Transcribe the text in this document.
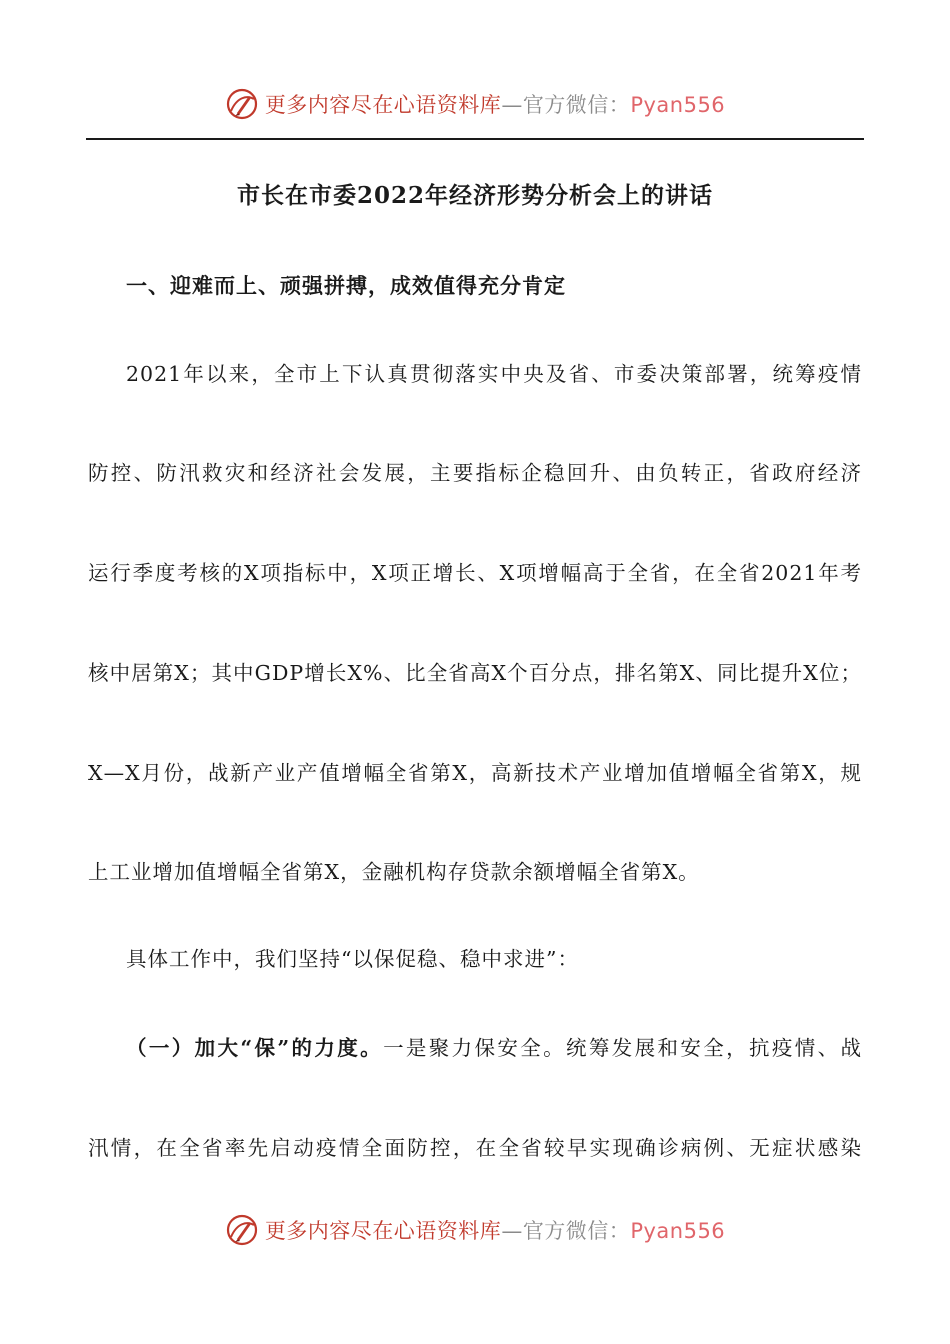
更多内容尽在心语资料库—官方微信：Pyan556
市长在市委2022年经济形势分析会上的讲话
一、迎难而上、顽强拼搏，成效值得充分肯定
2021年以来，全市上下认真贯彻落实中央及省、市委决策部署，统筹疫情
防控、防汛救灾和经济社会发展，主要指标企稳回升、由负转正，省政府经济
运行季度考核的X项指标中，X项正增长、X项增幅高于全省，在全省2021年考
核中居第X；其中GDP增长X%、比全省高X个百分点，排名第X、同比提升X位；
X—X月份，战新产业产值增幅全省第X，高新技术产业增加值增幅全省第X，规
上工业增加值增幅全省第X，金融机构存贷款余额增幅全省第X。
具体工作中，我们坚持“以保促稳、稳中求进”：
（一）加大“保”的力度。一是聚力保安全。统筹发展和安全，抗疫情、战
汛情，在全省率先启动疫情全面防控，在全省较早实现确诊病例、无症状感染
更多内容尽在心语资料库—官方微信：Pyan556
